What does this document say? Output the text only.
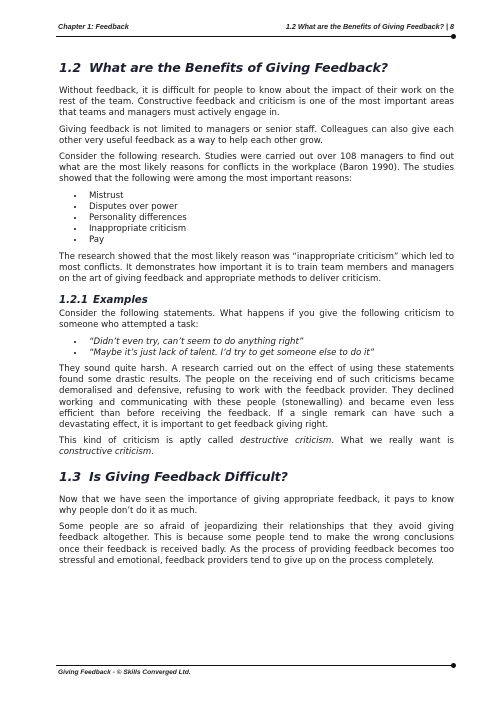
Chapter 1: Feedback	1.2 What are the Benefits of Giving Feedback? | 8
1.2 What are the Benefits of Giving Feedback?

Without feedback, it is difficult for people to know about the impact of their work on the rest of the team. Constructive feedback and criticism is one of the most important areas that teams and managers must actively engage in.

Giving feedback is not limited to managers or senior staff. Colleagues can also give each other very useful feedback as a way to help each other grow.

Consider the following research. Studies were carried out over 108 managers to find out what are the most likely reasons for conflicts in the workplace (Baron 1990). The studies showed that the following were among the most important reasons:

• Mistrust
• Disputes over power
• Personality differences
• Inappropriate criticism
• Pay

The research showed that the most likely reason was “inappropriate criticism” which led to most conflicts. It demonstrates how important it is to train team members and managers on the art of giving feedback and appropriate methods to deliver criticism.

1.2.1 Examples

Consider the following statements. What happens if you give the following criticism to someone who attempted a task:

• “Didn’t even try, can’t seem to do anything right”
• “Maybe it’s just lack of talent. I’d try to get someone else to do it”

They sound quite harsh. A research carried out on the effect of using these statements found some drastic results. The people on the receiving end of such criticisms became demoralised and defensive, refusing to work with the feedback provider. They declined working and communicating with these people (stonewalling) and became even less efficient than before receiving the feedback. If a single remark can have such a devastating effect, it is important to get feedback giving right.

This kind of criticism is aptly called destructive criticism. What we really want is constructive criticism.

1.3 Is Giving Feedback Difficult?

Now that we have seen the importance of giving appropriate feedback, it pays to know why people don’t do it as much.

Some people are so afraid of jeopardizing their relationships that they avoid giving feedback altogether. This is because some people tend to make the wrong conclusions once their feedback is received badly. As the process of providing feedback becomes too stressful and emotional, feedback providers tend to give up on the process completely.

Giving Feedback - © Skills Converged Ltd.
